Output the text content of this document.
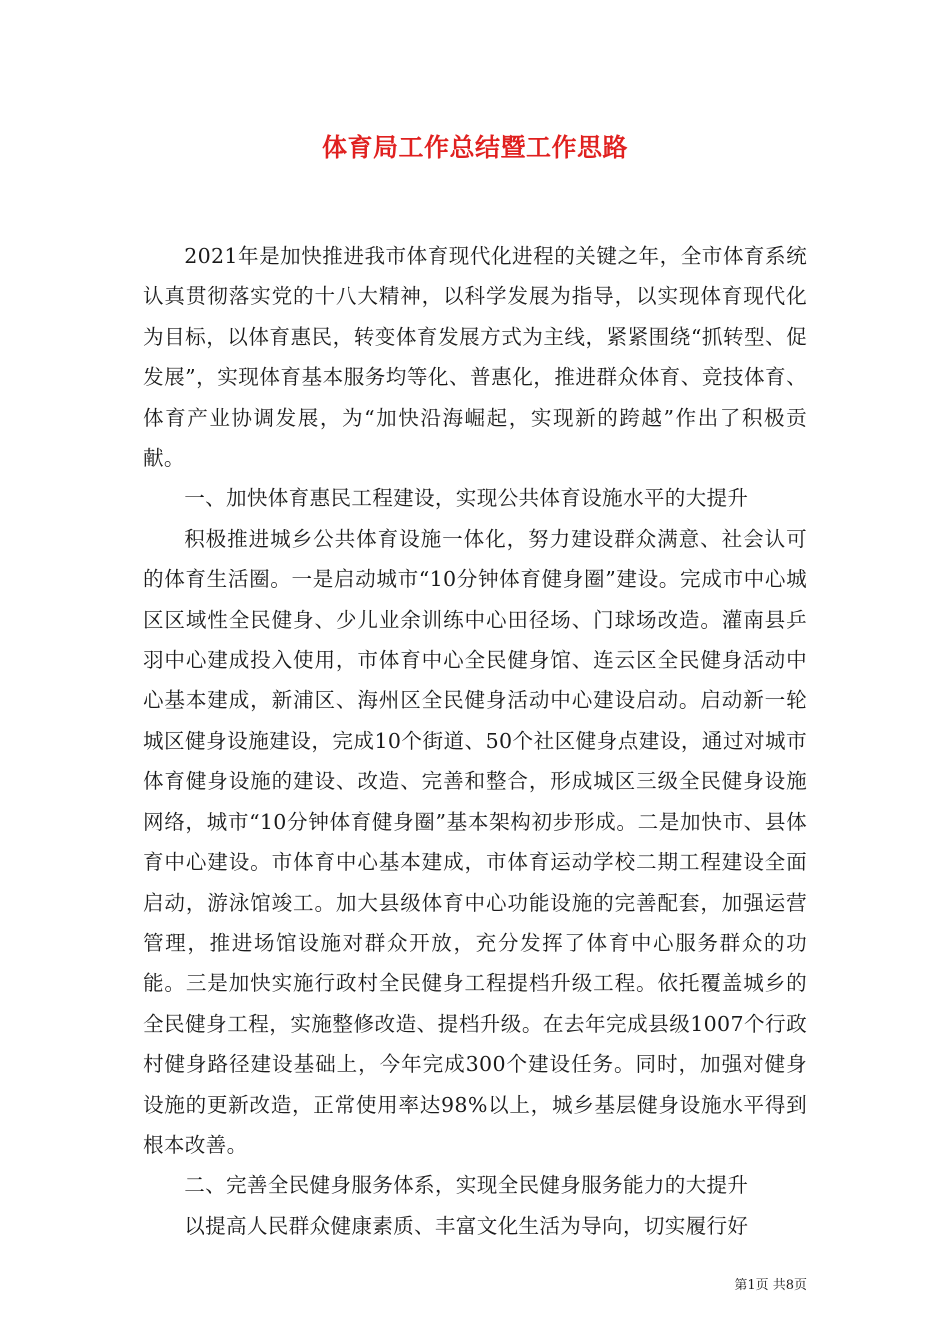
体育局工作总结暨工作思路

2021年是加快推进我市体育现代化进程的关键之年，全市体育系统认真贯彻落实党的十八大精神，以科学发展为指导，以实现体育现代化为目标，以体育惠民，转变体育发展方式为主线，紧紧围绕“抓转型、促发展”，实现体育基本服务均等化、普惠化，推进群众体育、竞技体育、体育产业协调发展，为“加快沿海崛起，实现新的跨越”作出了积极贡献。

一、加快体育惠民工程建设，实现公共体育设施水平的大提升

积极推进城乡公共体育设施一体化，努力建设群众满意、社会认可的体育生活圈。一是启动城市“10分钟体育健身圈”建设。完成市中心城区区域性全民健身、少儿业余训练中心田径场、门球场改造。灌南县乒羽中心建成投入使用，市体育中心全民健身馆、连云区全民健身活动中心基本建成，新浦区、海州区全民健身活动中心建设启动。启动新一轮城区健身设施建设，完成10个街道、50个社区健身点建设，通过对城市体育健身设施的建设、改造、完善和整合，形成城区三级全民健身设施网络，城市“10分钟体育健身圈”基本架构初步形成。二是加快市、县体育中心建设。市体育中心基本建成，市体育运动学校二期工程建设全面启动，游泳馆竣工。加大县级体育中心功能设施的完善配套，加强运营管理，推进场馆设施对群众开放，充分发挥了体育中心服务群众的功能。三是加快实施行政村全民健身工程提档升级工程。依托覆盖城乡的全民健身工程，实施整修改造、提档升级。在去年完成县级1007个行政村健身路径建设基础上，今年完成300个建设任务。同时，加强对健身设施的更新改造，正常使用率达98%以上，城乡基层健身设施水平得到根本改善。

二、完善全民健身服务体系，实现全民健身服务能力的大提升

以提高人民群众健康素质、丰富文化生活为导向，切实履行好

第1页 共8页
